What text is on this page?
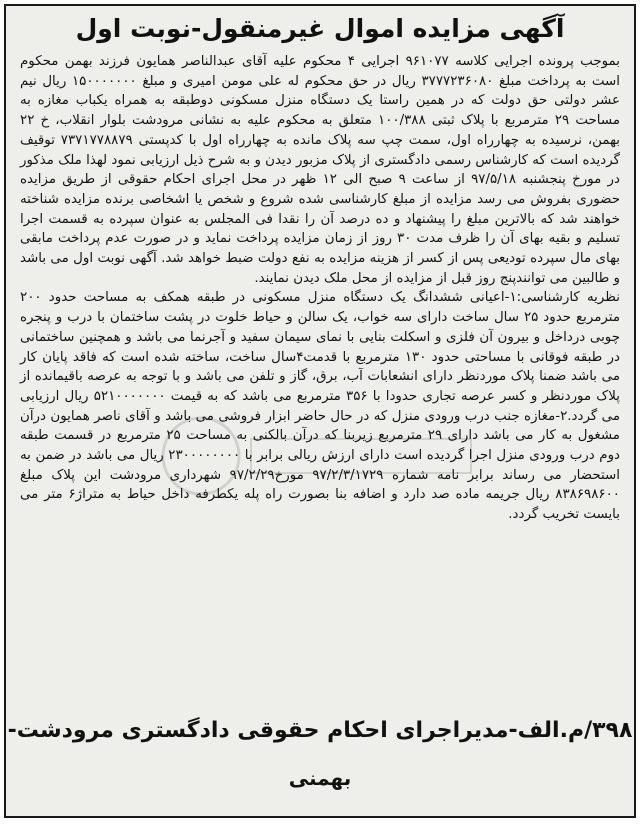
آگهی مزایده اموال غیرمنقول-نوبت اول

بموجب پرونده اجرایی کلاسه ۹۶۱۰۷۷ اجرایی ۴ محکوم علیه آقای عبدالناصر همایون فرزند بهمن محکوم است به پرداخت مبلغ ۳۷۷۷۲۳۶۰۸۰ ریال در حق محکوم له علی مومن امیری و مبلغ ۱۵۰۰۰۰۰۰۰ ریال نیم عشر دولتی حق دولت که در همین راستا یک دستگاه منزل مسکونی دوطبقه به همراه یکباب مغازه به مساحت ۲۹ مترمربع با پلاک ثبتی ۱۰۰/۳۸۸ متعلق به محکوم علیه به نشانی مرودشت بلوار انقلاب، خ ۲۲ بهمن، نرسیده به چهارراه اول، سمت چپ سه پلاک مانده به چهارراه اول با کدپستی ۷۳۷۱۷۷۸۸۷۹ توقیف گردیده است که کارشناس رسمی دادگستری از پلاک مزبور دیدن و به شرح ذیل ارزیابی نمود لهذا ملک مذکور در مورخ پنجشنبه ۹۷/۵/۱۸ از ساعت ۹ صبح الی ۱۲ ظهر در محل اجرای احکام حقوقی از طریق مزایده حضوری بفروش می رسد مزایده از مبلغ کارشناسی شده شروع و شخص یا اشخاصی برنده مزایده شناخته خواهند شد که بالاترین مبلغ را پیشنهاد و ده درصد آن را نقدا فی المجلس به عنوان سپرده به قسمت اجرا تسلیم و بقیه بهای آن را ظرف مدت ۳۰ روز از زمان مزایده پرداخت نماید و در صورت عدم پرداخت مابقی بهای مال سپرده تودیعی پس از کسر از هزینه مزایده به نفع دولت ضبط خواهد شد. آگهی نوبت اول می باشد و طالبین می توانندپنج روز قبل از مزایده از محل ملک دیدن نمایند.

نظریه کارشناسی:۱-اعیانی ششدانگ یک دستگاه منزل مسکونی در طبقه همکف به مساحت حدود ۲۰۰ مترمربع حدود ۲۵ سال ساخت دارای سه خواب، یک سالن و حیاط خلوت در پشت ساختمان با درب و پنجره چوبی درداخل و بیرون آن فلزی و اسکلت بنایی با نمای سیمان سفید و آجرنما می باشد و همچنین ساختمانی در طبقه فوقانی با مساحتی حدود ۱۳۰ مترمربع با قدمت۴سال ساخت، ساخته شده است که فاقد پایان کار می باشد ضمنا پلاک موردنظر دارای انشعابات آب، برق، گاز و تلفن می باشد و با توجه به عرصه باقیمانده از پلاک موردنظر و کسر عرصه تجاری حدودا با ۳۵۶ مترمربع می باشد که به قیمت ۵۲۱۰۰۰۰۰۰۰ ریال ارزیابی می گردد.۲-مغازه جنب درب ورودی منزل که در حال حاضر ابزار فروشی می باشد و آقای ناصر همایون درآن مشغول به کار می باشد دارای ۲۹ مترمربع زیربنا که درآن بالکنی به مساحت ۲۵ مترمربع در قسمت طبقه دوم درب ورودی منزل اجرا گردیده است دارای ارزش ریالی برابر با ۲۳۰۰۰۰۰۰۰۰ ریال می باشد در ضمن به استحضار می رساند برابر نامه شماره ۹۷/۲/۳/۱۷۲۹ مورخ۹۷/۲/۲۹ شهرداری مرودشت این پلاک مبلغ ۸۳۸۶۹۸۶۰۰ ریال جریمه ماده صد دارد و اضافه بنا بصورت راه پله یکطرفه داخل حیاط به متراژ۶ متر می بایست تخریب گردد.

۳۹۸/م.الف-مدیراجرای احکام حقوقی دادگستری مرودشت-
بهمنی
